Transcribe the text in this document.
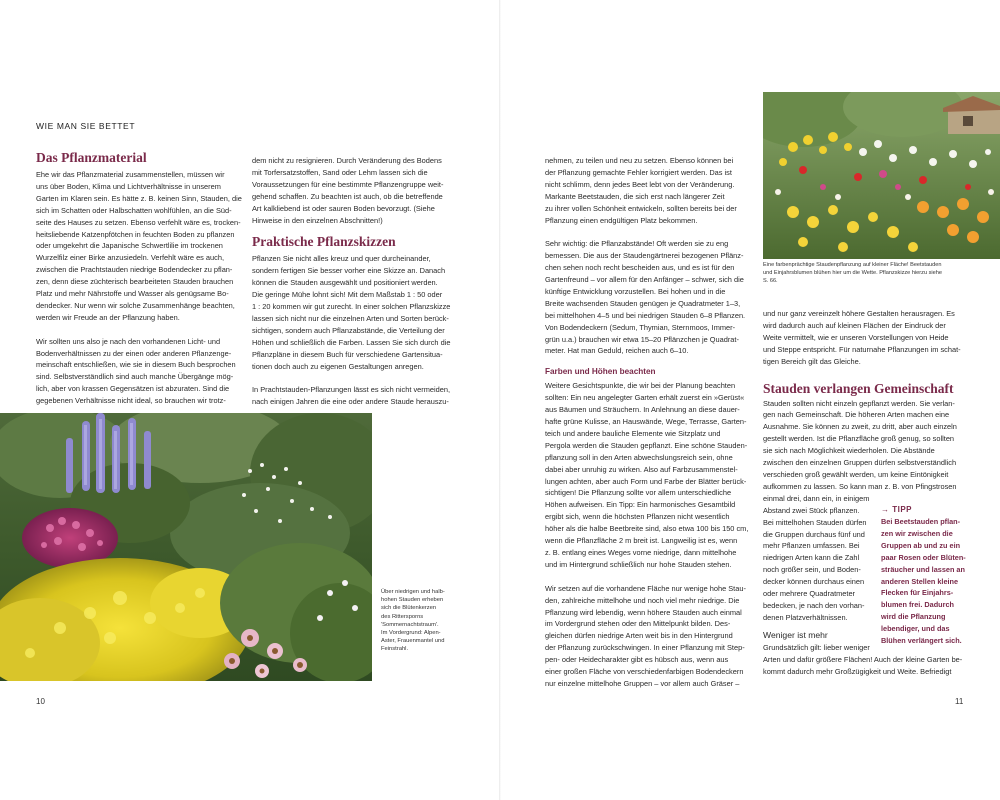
WIE MAN SIE BETTET
Das Pflanzmaterial
Ehe wir das Pflanzmaterial zusammenstellen, müssen wir
uns über Boden, Klima und Lichtverhältnisse in unserem
Garten im Klaren sein. Es hätte z. B. keinen Sinn, Stauden, die
sich im Schatten oder Halbschatten wohlfühlen, an die Süd-
seite des Hauses zu setzen. Ebenso verfehlt wäre es, trocken-
heitsliebende Katzenpfötchen in feuchten Boden zu pflanzen
oder umgekehrt die Japanische Schwertlilie im trockenen
Wurzelfilz einer Birke anzusiedeln. Verfehlt wäre es auch,
zwischen die Prachtstauden niedrige Bodendecker zu pflan-
zen, denn diese züchterisch bearbeiteten Stauden brauchen
Platz und mehr Nährstoffe und Wasser als genügsame Bo-
dendecker. Nur wenn wir solche Zusammenhänge beachten,
werden wir Freude an der Pflanzung haben.
Wir sollten uns also je nach den vorhandenen Licht- und
Bodenverhältnissen zu der einen oder anderen Pflanzenge-
meinschaft entschließen, wie sie in diesem Buch besprochen
sind. Selbstverständlich sind auch manche Übergänge mög-
lich, aber von krassen Gegensätzen ist abzuraten. Sind die
gegebenen Verhältnisse nicht ideal, so brauchen wir trotz-
dem nicht zu resignieren. Durch Veränderung des Bodens
mit Torfersatzstoffen, Sand oder Lehm lassen sich die
Voraussetzungen für eine bestimmte Pflanzengruppe weit-
gehend schaffen. Zu beachten ist auch, ob die betreffende
Art kalkliebend ist oder sauren Boden bevorzugt. (Siehe
Hinweise in den einzelnen Abschnitten!)
Praktische Pflanzskizzen
Pflanzen Sie nicht alles kreuz und quer durcheinander,
sondern fertigen Sie besser vorher eine Skizze an. Danach
können die Stauden ausgewählt und positioniert werden.
Die geringe Mühe lohnt sich! Mit dem Maßstab 1 : 50 oder
1 : 20 kommen wir gut zurecht. In einer solchen Pflanzskizze
lassen sich nicht nur die einzelnen Arten und Sorten berück-
sichtigen, sondern auch Pflanzabstände, die Verteilung der
Höhen und schließlich die Farben. Lassen Sie sich durch die
Pflanzpläne in diesem Buch für verschiedene Gartensitua-
tionen doch auch zu eigenen Gestaltungen anregen.
In Prachtstauden-Pflanzungen lässt es sich nicht vermeiden,
nach einigen Jahren die eine oder andere Staude herauszu-
Über niedrigen und halb-
hohen Stauden erheben
sich die Blütenkerzen
des Rittersporns
'Sommernachtstraum'.
Im Vordergrund: Alpen-
Aster, Frauenmantel und
Feinstrahl.
10
nehmen, zu teilen und neu zu setzen. Ebenso können bei
der Pflanzung gemachte Fehler korrigiert werden. Das ist
nicht schlimm, denn jedes Beet lebt von der Veränderung.
Markante Beetstauden, die sich erst nach längerer Zeit
zu ihrer vollen Schönheit entwickeln, sollten bereits bei der
Pflanzung einen endgültigen Platz bekommen.
Sehr wichtig: die Pflanzabstände! Oft werden sie zu eng
bemessen. Die aus der Staudengärtnerei bezogenen Pflänz-
chen sehen noch recht bescheiden aus, und es ist für den
Gartenfreund – vor allem für den Anfänger – schwer, sich die
künftige Entwicklung vorzustellen. Bei hohen und in die
Breite wachsenden Stauden genügen je Quadratmeter 1–3,
bei mittelhohen 4–5 und bei niedrigen Stauden 6–8 Pflanzen.
Von Bodendeckern (Sedum, Thymian, Sternmoos, Immer-
grün u.a.) brauchen wir etwa 15–20 Pflänzchen je Quadrat-
meter. Hat man Geduld, reichen auch 6–10.
Farben und Höhen beachten
Weitere Gesichtspunkte, die wir bei der Planung beachten
sollten: Ein neu angelegter Garten erhält zuerst ein »Gerüst«
aus Bäumen und Sträuchern. In Anlehnung an diese dauer-
hafte grüne Kulisse, an Hauswände, Wege, Terrasse, Garten-
teich und andere bauliche Elemente wie Sitzplatz und
Pergola werden die Stauden gepflanzt. Eine schöne Stauden-
pflanzung soll in den Arten abwechslungsreich sein, ohne
dabei aber unruhig zu wirken. Also auf Farbzusammenstel-
lungen achten, aber auch Form und Farbe der Blätter berück-
sichtigen! Die Pflanzung sollte vor allem unterschiedliche
Höhen aufweisen. Ein Tipp: Ein harmonisches Gesamtbild
ergibt sich, wenn die höchsten Pflanzen nicht wesentlich
höher als die halbe Beetbreite sind, also etwa 100 bis 150 cm,
wenn die Pflanzfläche 2 m breit ist. Langweilig ist es, wenn
z. B. entlang eines Weges vorne niedrige, dann mittelhohe
und im Hintergrund schließlich nur hohe Stauden stehen.
Wir setzen auf die vorhandene Fläche nur wenige hohe Stau-
den, zahlreiche mittelhohe und noch viel mehr niedrige. Die
Pflanzung wird lebendig, wenn höhere Stauden auch einmal
im Vordergrund stehen oder den Mittelpunkt bilden. Des-
gleichen dürfen niedrige Arten weit bis in den Hintergrund
der Pflanzung zurückschwingen. In einer Pflanzung mit Step-
pen- oder Heidecharakter gibt es hübsch aus, wenn aus
einer großen Fläche von verschiedenfarbigen Bodendeckern
nur einzelne mittelhohe Gruppen – vor allem auch Gräser –
Eine farbenprächtige Staudenpflanzung auf kleiner Fläche! Beetstauden
und Einjahrsblumen blühen hier um die Wette. Pflanzskizze hierzu siehe
S. 66.
und nur ganz vereinzelt höhere Gestalten herausragen. Es
wird dadurch auch auf kleinen Flächen der Eindruck der
Weite vermittelt, wie er unseren Vorstellungen von Heide
und Steppe entspricht. Für naturnahe Pflanzungen im schat-
tigen Bereich gilt das Gleiche.
Stauden verlangen Gemeinschaft
Stauden sollten nicht einzeln gepflanzt werden. Sie verlan-
gen nach Gemeinschaft. Die höheren Arten machen eine
Ausnahme. Sie können zu zweit, zu dritt, aber auch einzeln
gestellt werden. Ist die Pflanzfläche groß genug, so sollten
sie sich nach Möglichkeit wiederholen. Die Abstände
zwischen den einzelnen Gruppen dürfen selbstverständlich
verschieden groß gewählt werden, um keine Eintönigkeit
aufkommen zu lassen. So kann man z. B. von Pfingstrosen
einmal drei, dann ein, in einigem
Abstand zwei Stück pflanzen.
Bei mittelhohen Stauden dürfen
die Gruppen durchaus fünf und
mehr Pflanzen umfassen. Bei
niedrigen Arten kann die Zahl
noch größer sein, und Boden-
decker können durchaus einen
oder mehrere Quadratmeter
bedecken, je nach den vorhan-
denen Platzverhältnissen.
Weniger ist mehr
Grundsätzlich gilt: lieber weniger
Arten und dafür größere Flächen! Auch der kleine Garten be-
kommt dadurch mehr Großzügigkeit und Weite. Befriedigt
→ TIPP
Bei Beetstauden pflan-
zen wir zwischen die
Gruppen ab und zu ein
paar Rosen oder Blüten-
sträucher und lassen an
anderen Stellen kleine
Flecken für Einjahrs-
blumen frei. Dadurch
wird die Pflanzung
lebendiger, und das
Blühen verlängert sich.
11
